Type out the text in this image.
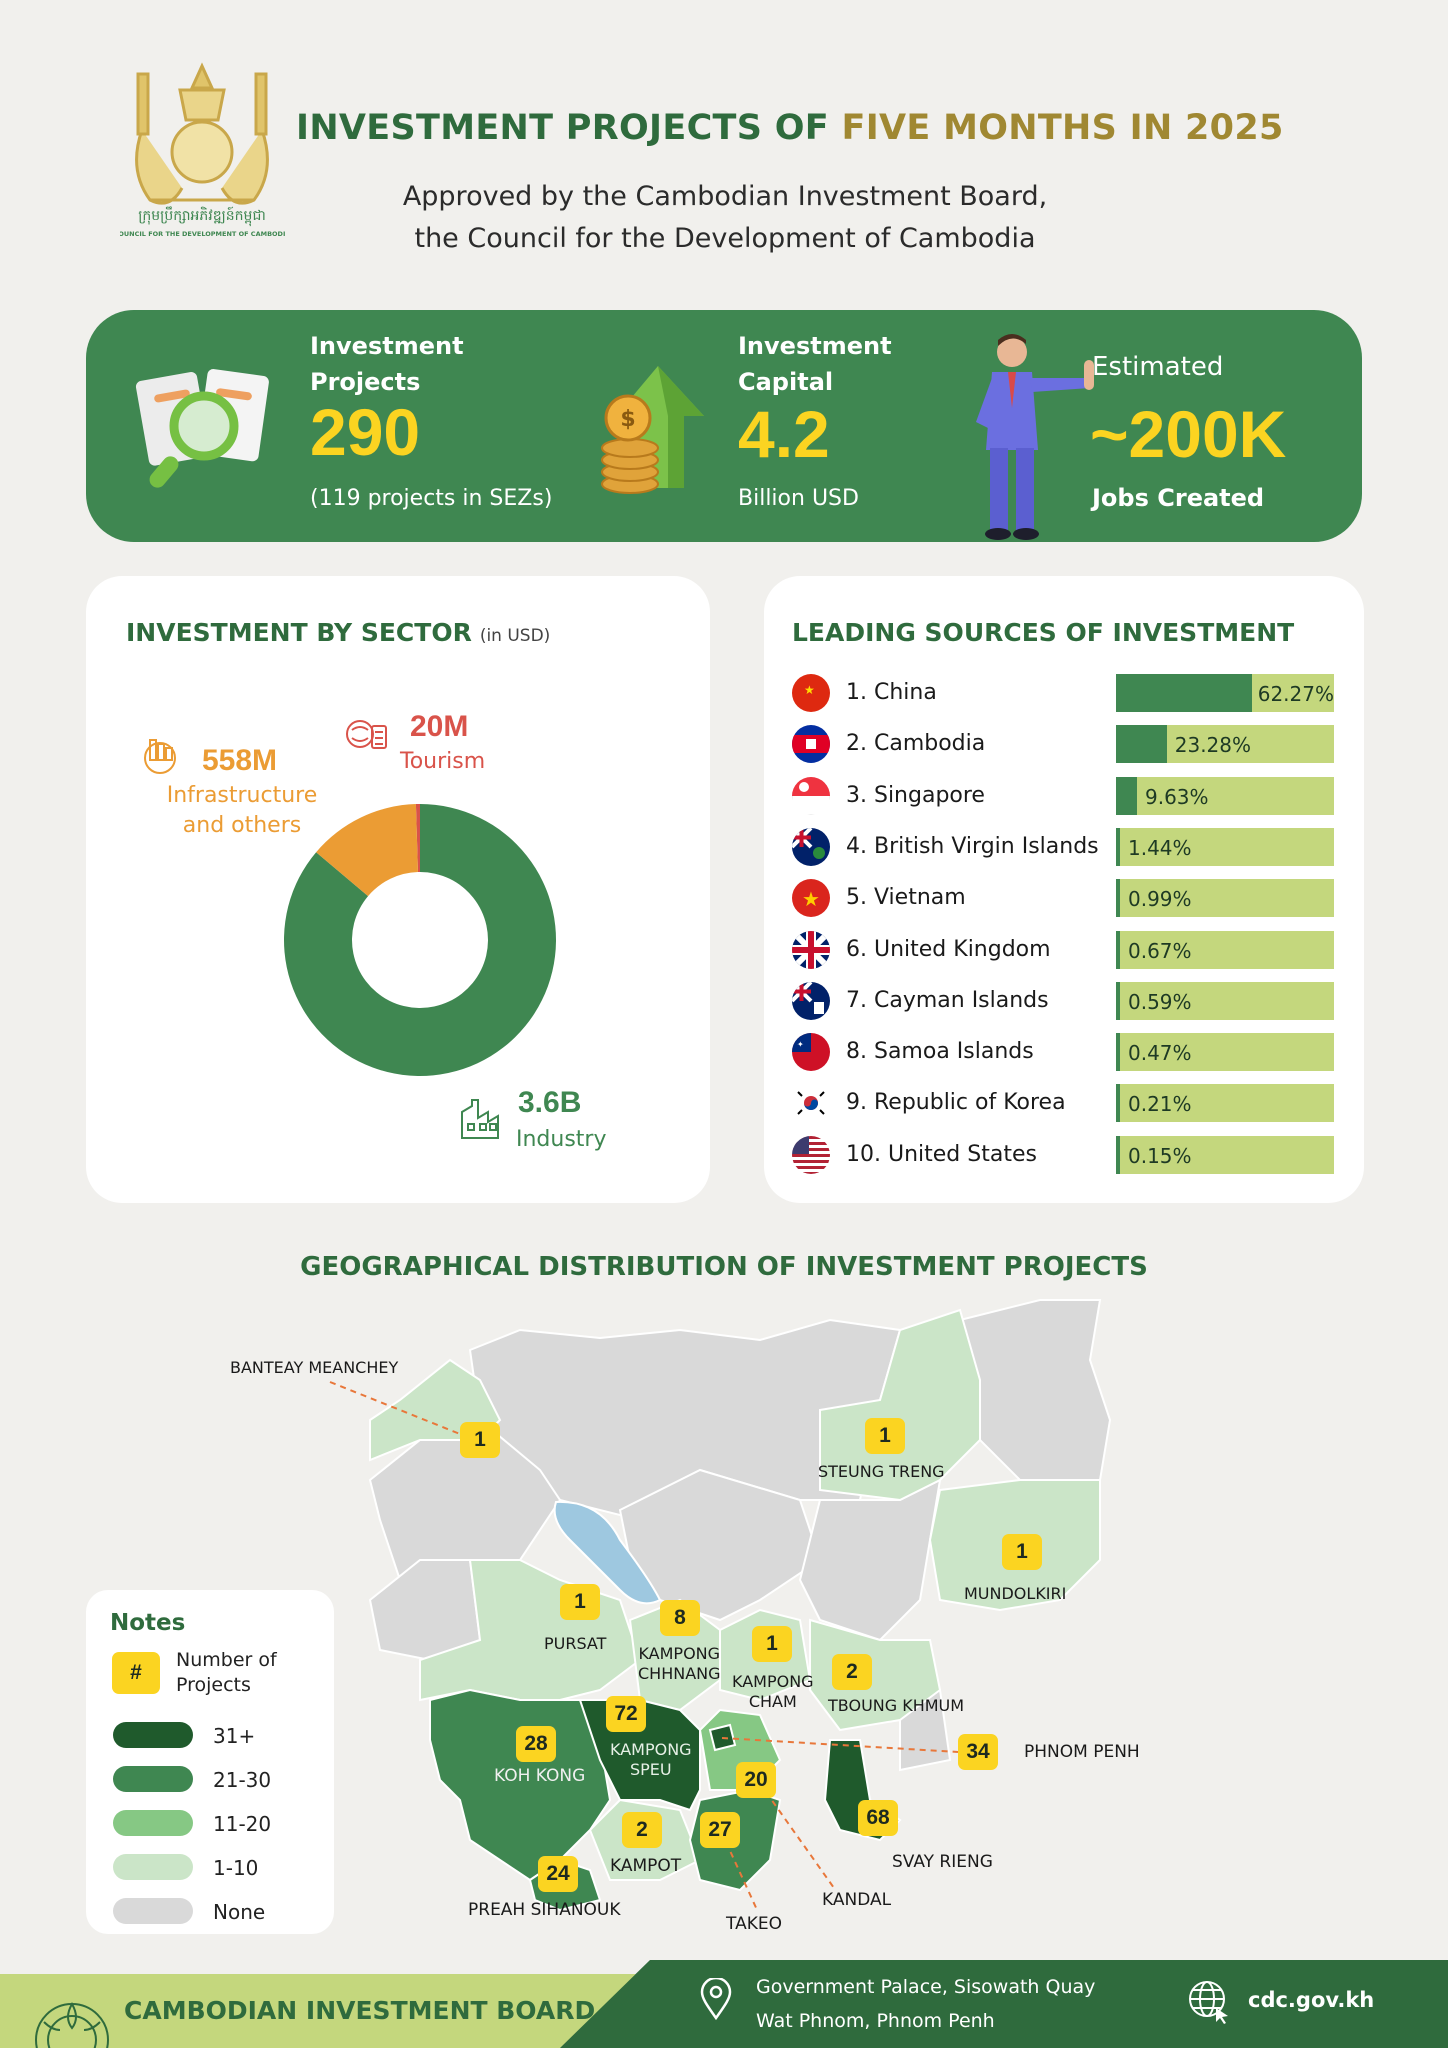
ក្រុមប្រឹក្សាអភិវឌ្ឍន៍កម្ពុជា
COUNCIL FOR THE DEVELOPMENT OF CAMBODIA
INVESTMENT PROJECTS OF FIVE MONTHS IN 2025
Approved by the Cambodian Investment Board,
the Council for the Development of Cambodia
Investment
Projects
290
(119 projects in SEZs)
$
Investment
Capital
4.2
Billion USD
Estimated
~200K
Jobs Created
INVESTMENT BY SECTOR (in USD)
20M
Tourism
558M
Infrastructure
and others
3.6B
Industry
LEADING SOURCES OF INVESTMENT
★ 1. China	62.27%
2. Cambodia	23.28%
3. Singapore	9.63%
4. British Virgin Islands 1.44%
★ 5. Vietnam	0.99%
6. United Kingdom	0.67%
7. Cayman Islands	0.59%
✦ 8. Samoa Islands	0.47%
9. Republic of Korea	0.21%
10. United States	0.15%
GEOGRAPHICAL DISTRIBUTION OF INVESTMENT PROJECTS
BANTEAY MEANCHEY
1	1
STEUNG TRENG
1
MUNDOLKIRI
1
PURSAT
8
KAMPONG
CHHNANG
1
KAMPONG
CHAM
2
TBOUNG KHMUM
72
KAMPONG
SPEU
28
KOH KONG
34	PHNOM PENH
20
KANDAL
68
SVAY RIENG
2
KAMPOT
27
TAKEO
24
PREAH SIHANOUK
Notes
#
Number of
Projects
31+
21-30
11-20
1-10
None
CAMBODIAN INVESTMENT BOARD
Government Palace, Sisowath Quay
Wat Phnom, Phnom Penh
cdc.gov.kh
